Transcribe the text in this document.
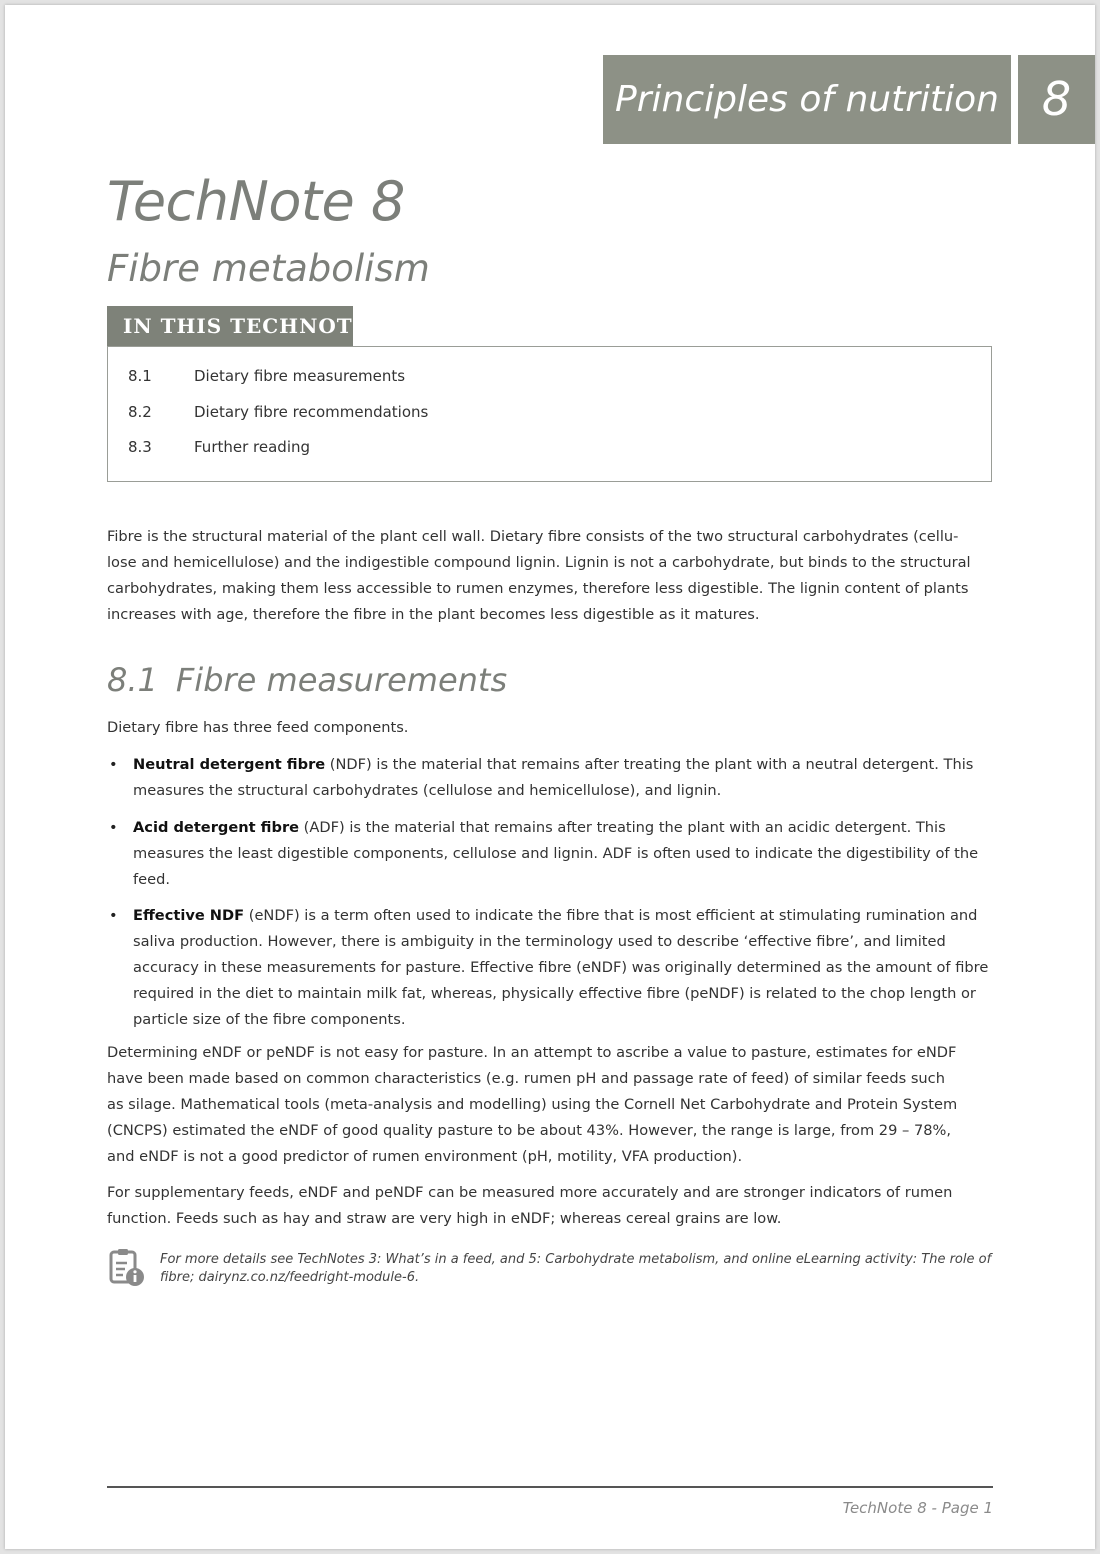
Principles of nutrition 8
TechNote 8
Fibre metabolism
IN THIS TECHNOTE
8.1	Dietary fibre measurements
8.2	Dietary fibre recommendations
8.3	Further reading
Fibre is the structural material of the plant cell wall. Dietary fibre consists of the two structural carbohydrates (cellu-
lose and hemicellulose) and the indigestible compound lignin. Lignin is not a carbohydrate, but binds to the structural
carbohydrates, making them less accessible to rumen enzymes, therefore less digestible. The lignin content of plants
increases with age, therefore the fibre in the plant becomes less digestible as it matures.
8.1 Fibre measurements
Dietary fibre has three feed components.
• Neutral detergent fibre (NDF) is the material that remains after treating the plant with a neutral detergent. This
measures the structural carbohydrates (cellulose and hemicellulose), and lignin.
• Acid detergent fibre (ADF) is the material that remains after treating the plant with an acidic detergent. This
measures the least digestible components, cellulose and lignin. ADF is often used to indicate the digestibility of the
feed.
• Effective NDF (eNDF) is a term often used to indicate the fibre that is most efficient at stimulating rumination and
saliva production. However, there is ambiguity in the terminology used to describe ‘effective fibre’, and limited
accuracy in these measurements for pasture. Effective fibre (eNDF) was originally determined as the amount of fibre
required in the diet to maintain milk fat, whereas, physically effective fibre (peNDF) is related to the chop length or
particle size of the fibre components.
Determining eNDF or peNDF is not easy for pasture. In an attempt to ascribe a value to pasture, estimates for eNDF
have been made based on common characteristics (e.g. rumen pH and passage rate of feed) of similar feeds such
as silage. Mathematical tools (meta-analysis and modelling) using the Cornell Net Carbohydrate and Protein System
(CNCPS) estimated the eNDF of good quality pasture to be about 43%. However, the range is large, from 29 – 78%,
and eNDF is not a good predictor of rumen environment (pH, motility, VFA production).
For supplementary feeds, eNDF and peNDF can be measured more accurately and are stronger indicators of rumen
function. Feeds such as hay and straw are very high in eNDF; whereas cereal grains are low.
For more details see TechNotes 3: What’s in a feed, and 5: Carbohydrate metabolism, and online eLearning activity: The role of
fibre; dairynz.co.nz/feedright-module-6.
TechNote 8 - Page 1
